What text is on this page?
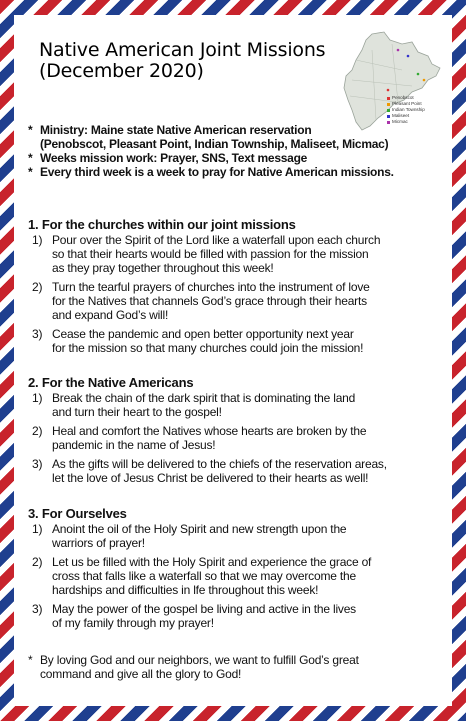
Native American Joint Missions
(December 2020)
Penobscot
Pleasant Point
Indian Township
Maliseet
Micmac
* Ministry: Maine state Native American reservation
(Penobscot, Pleasant Point, Indian Township, Maliseet, Micmac)
* Weeks mission work: Prayer, SNS, Text message
* Every third week is a week to pray for Native American missions.
1. For the churches within our joint missions
1) Pour over the Spirit of the Lord like a waterfall upon each church
so that their hearts would be filled with passion for the mission
as they pray together throughout this week!
2) Turn the tearful prayers of churches into the instrument of love
for the Natives that channels God’s grace through their hearts
and expand God’s will!
3) Cease the pandemic and open better opportunity next year
for the mission so that many churches could join the mission!
2. For the Native Americans
1) Break the chain of the dark spirit that is dominating the land
and turn their heart to the gospel!
2) Heal and comfort the Natives whose hearts are broken by the
pandemic in the name of Jesus!
3) As the gifts will be delivered to the chiefs of the reservation areas,
let the love of Jesus Christ be delivered to their hearts as well!
3. For Ourselves
1) Anoint the oil of the Holy Spirit and new strength upon the
warriors of prayer!
2) Let us be filled with the Holy Spirit and experience the grace of
cross that falls like a waterfall so that we may overcome the
hardships and difficulties in lfe throughout this week!
3) May the power of the gospel be living and active in the lives
of my family through my prayer!
* By loving God and our neighbors, we want to fulfill God’s great
command and give all the glory to God!
